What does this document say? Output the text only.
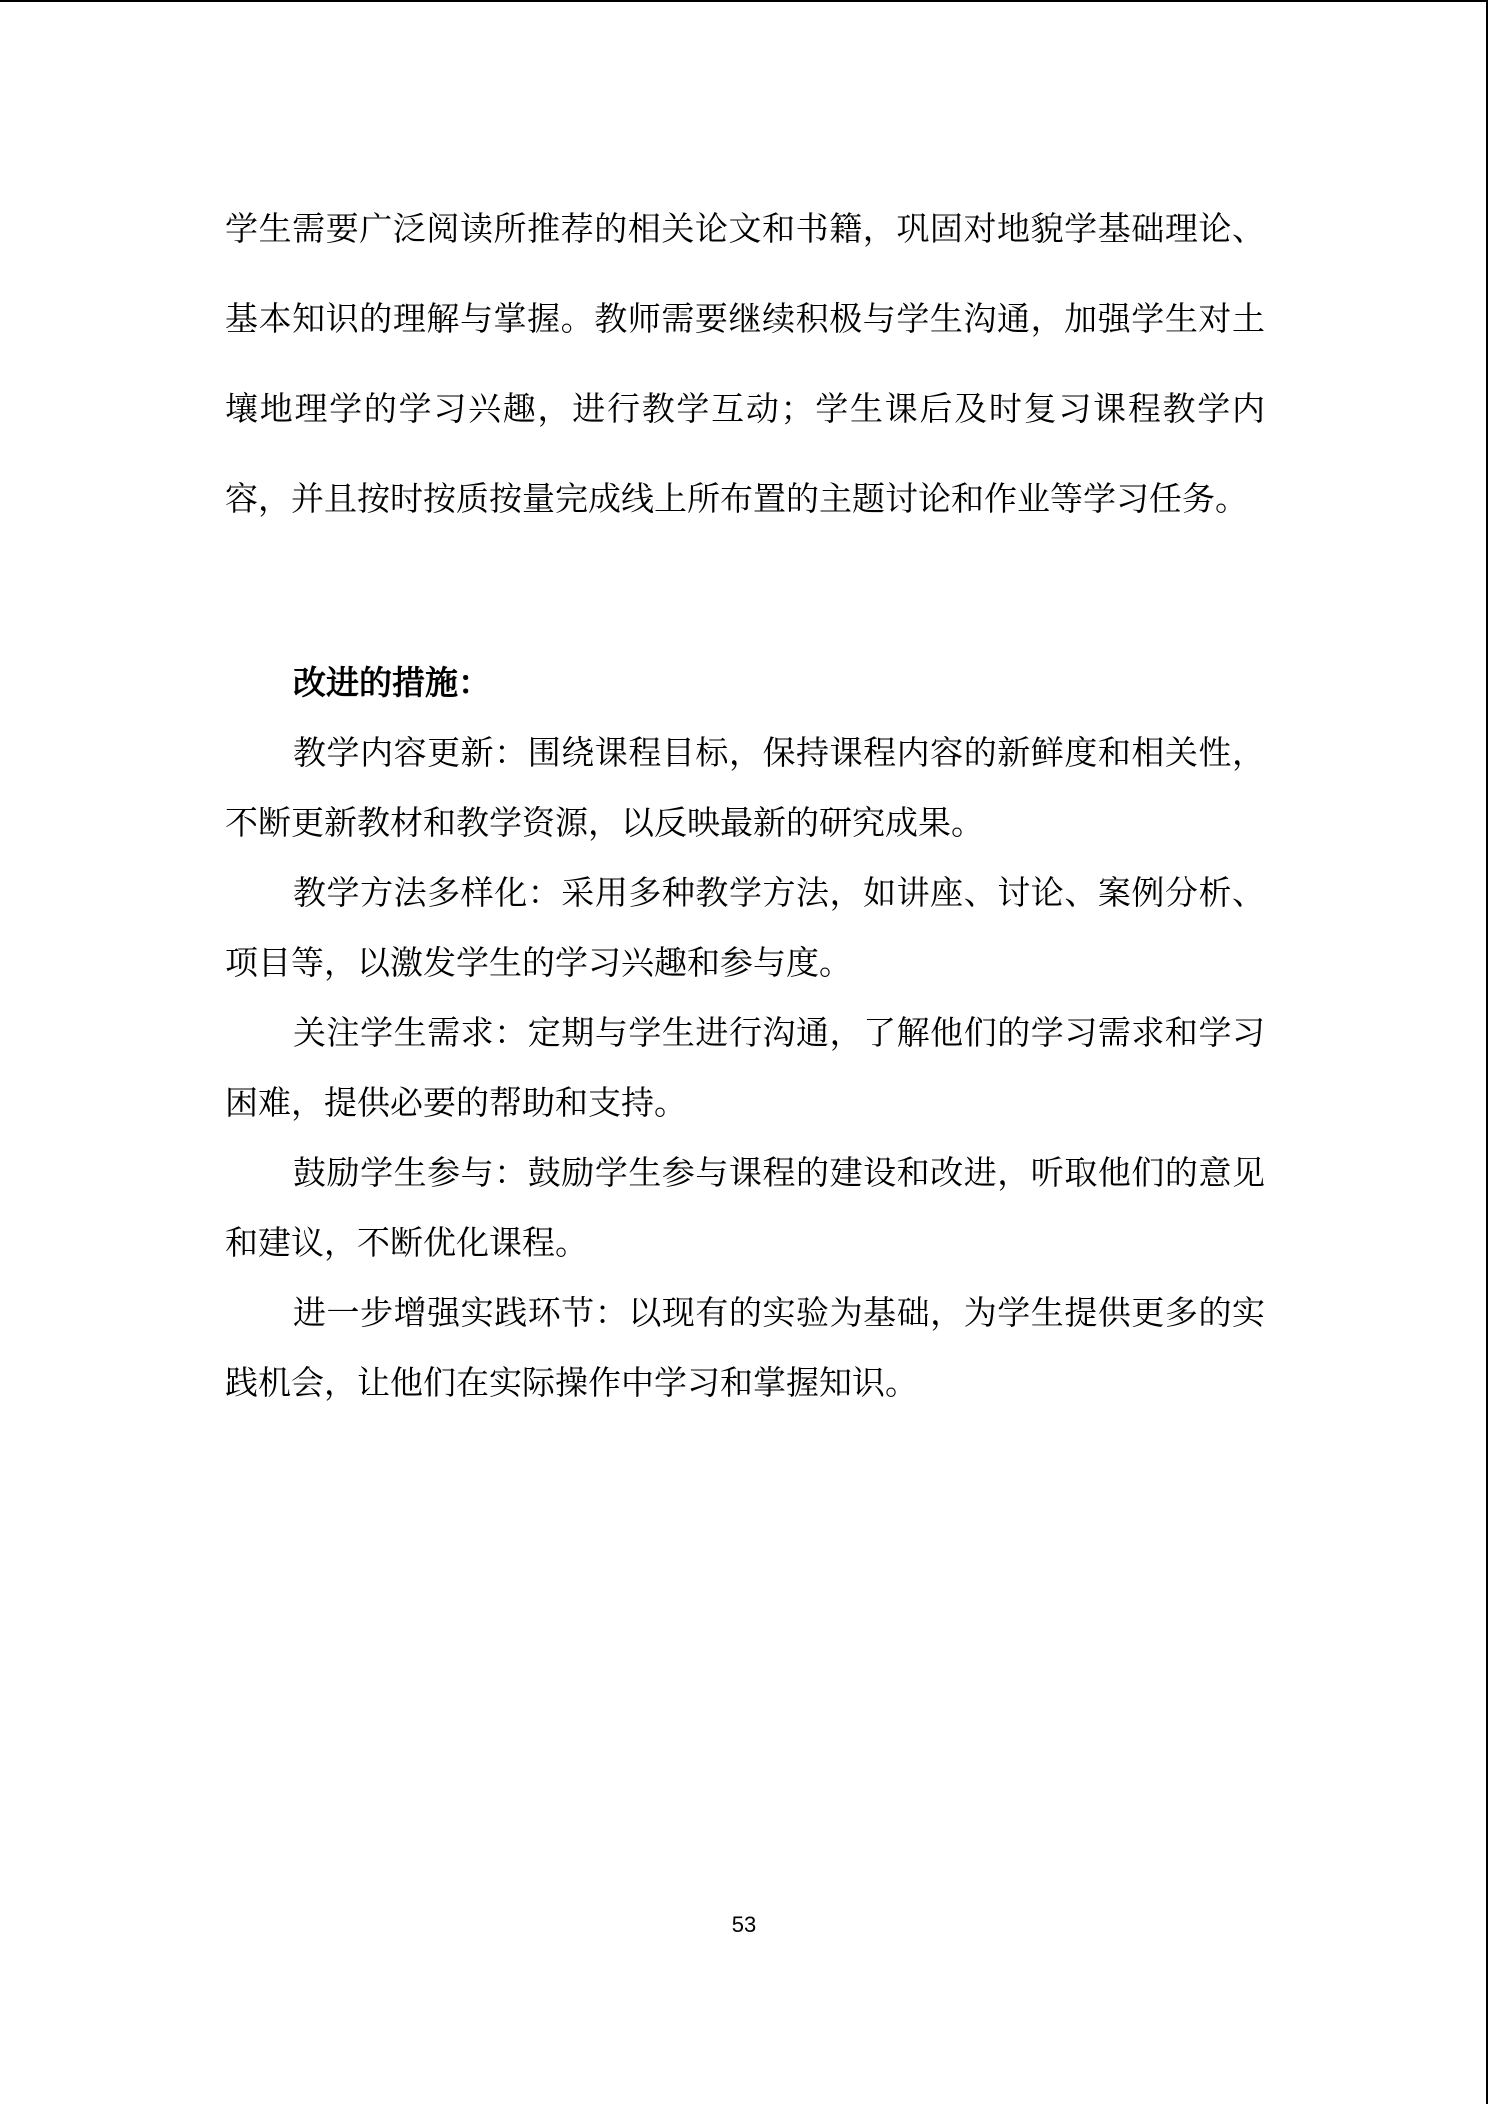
学生需要广泛阅读所推荐的相关论文和书籍，巩固对地貌学基础理论、基本知识的理解与掌握。教师需要继续积极与学生沟通，加强学生对土壤地理学的学习兴趣，进行教学互动；学生课后及时复习课程教学内容，并且按时按质按量完成线上所布置的主题讨论和作业等学习任务。

改进的措施：

教学内容更新：围绕课程目标，保持课程内容的新鲜度和相关性，不断更新教材和教学资源，以反映最新的研究成果。

教学方法多样化：采用多种教学方法，如讲座、讨论、案例分析、项目等，以激发学生的学习兴趣和参与度。

关注学生需求：定期与学生进行沟通，了解他们的学习需求和学习困难，提供必要的帮助和支持。

鼓励学生参与：鼓励学生参与课程的建设和改进，听取他们的意见和建议，不断优化课程。

进一步增强实践环节：以现有的实验为基础，为学生提供更多的实践机会，让他们在实际操作中学习和掌握知识。

53
